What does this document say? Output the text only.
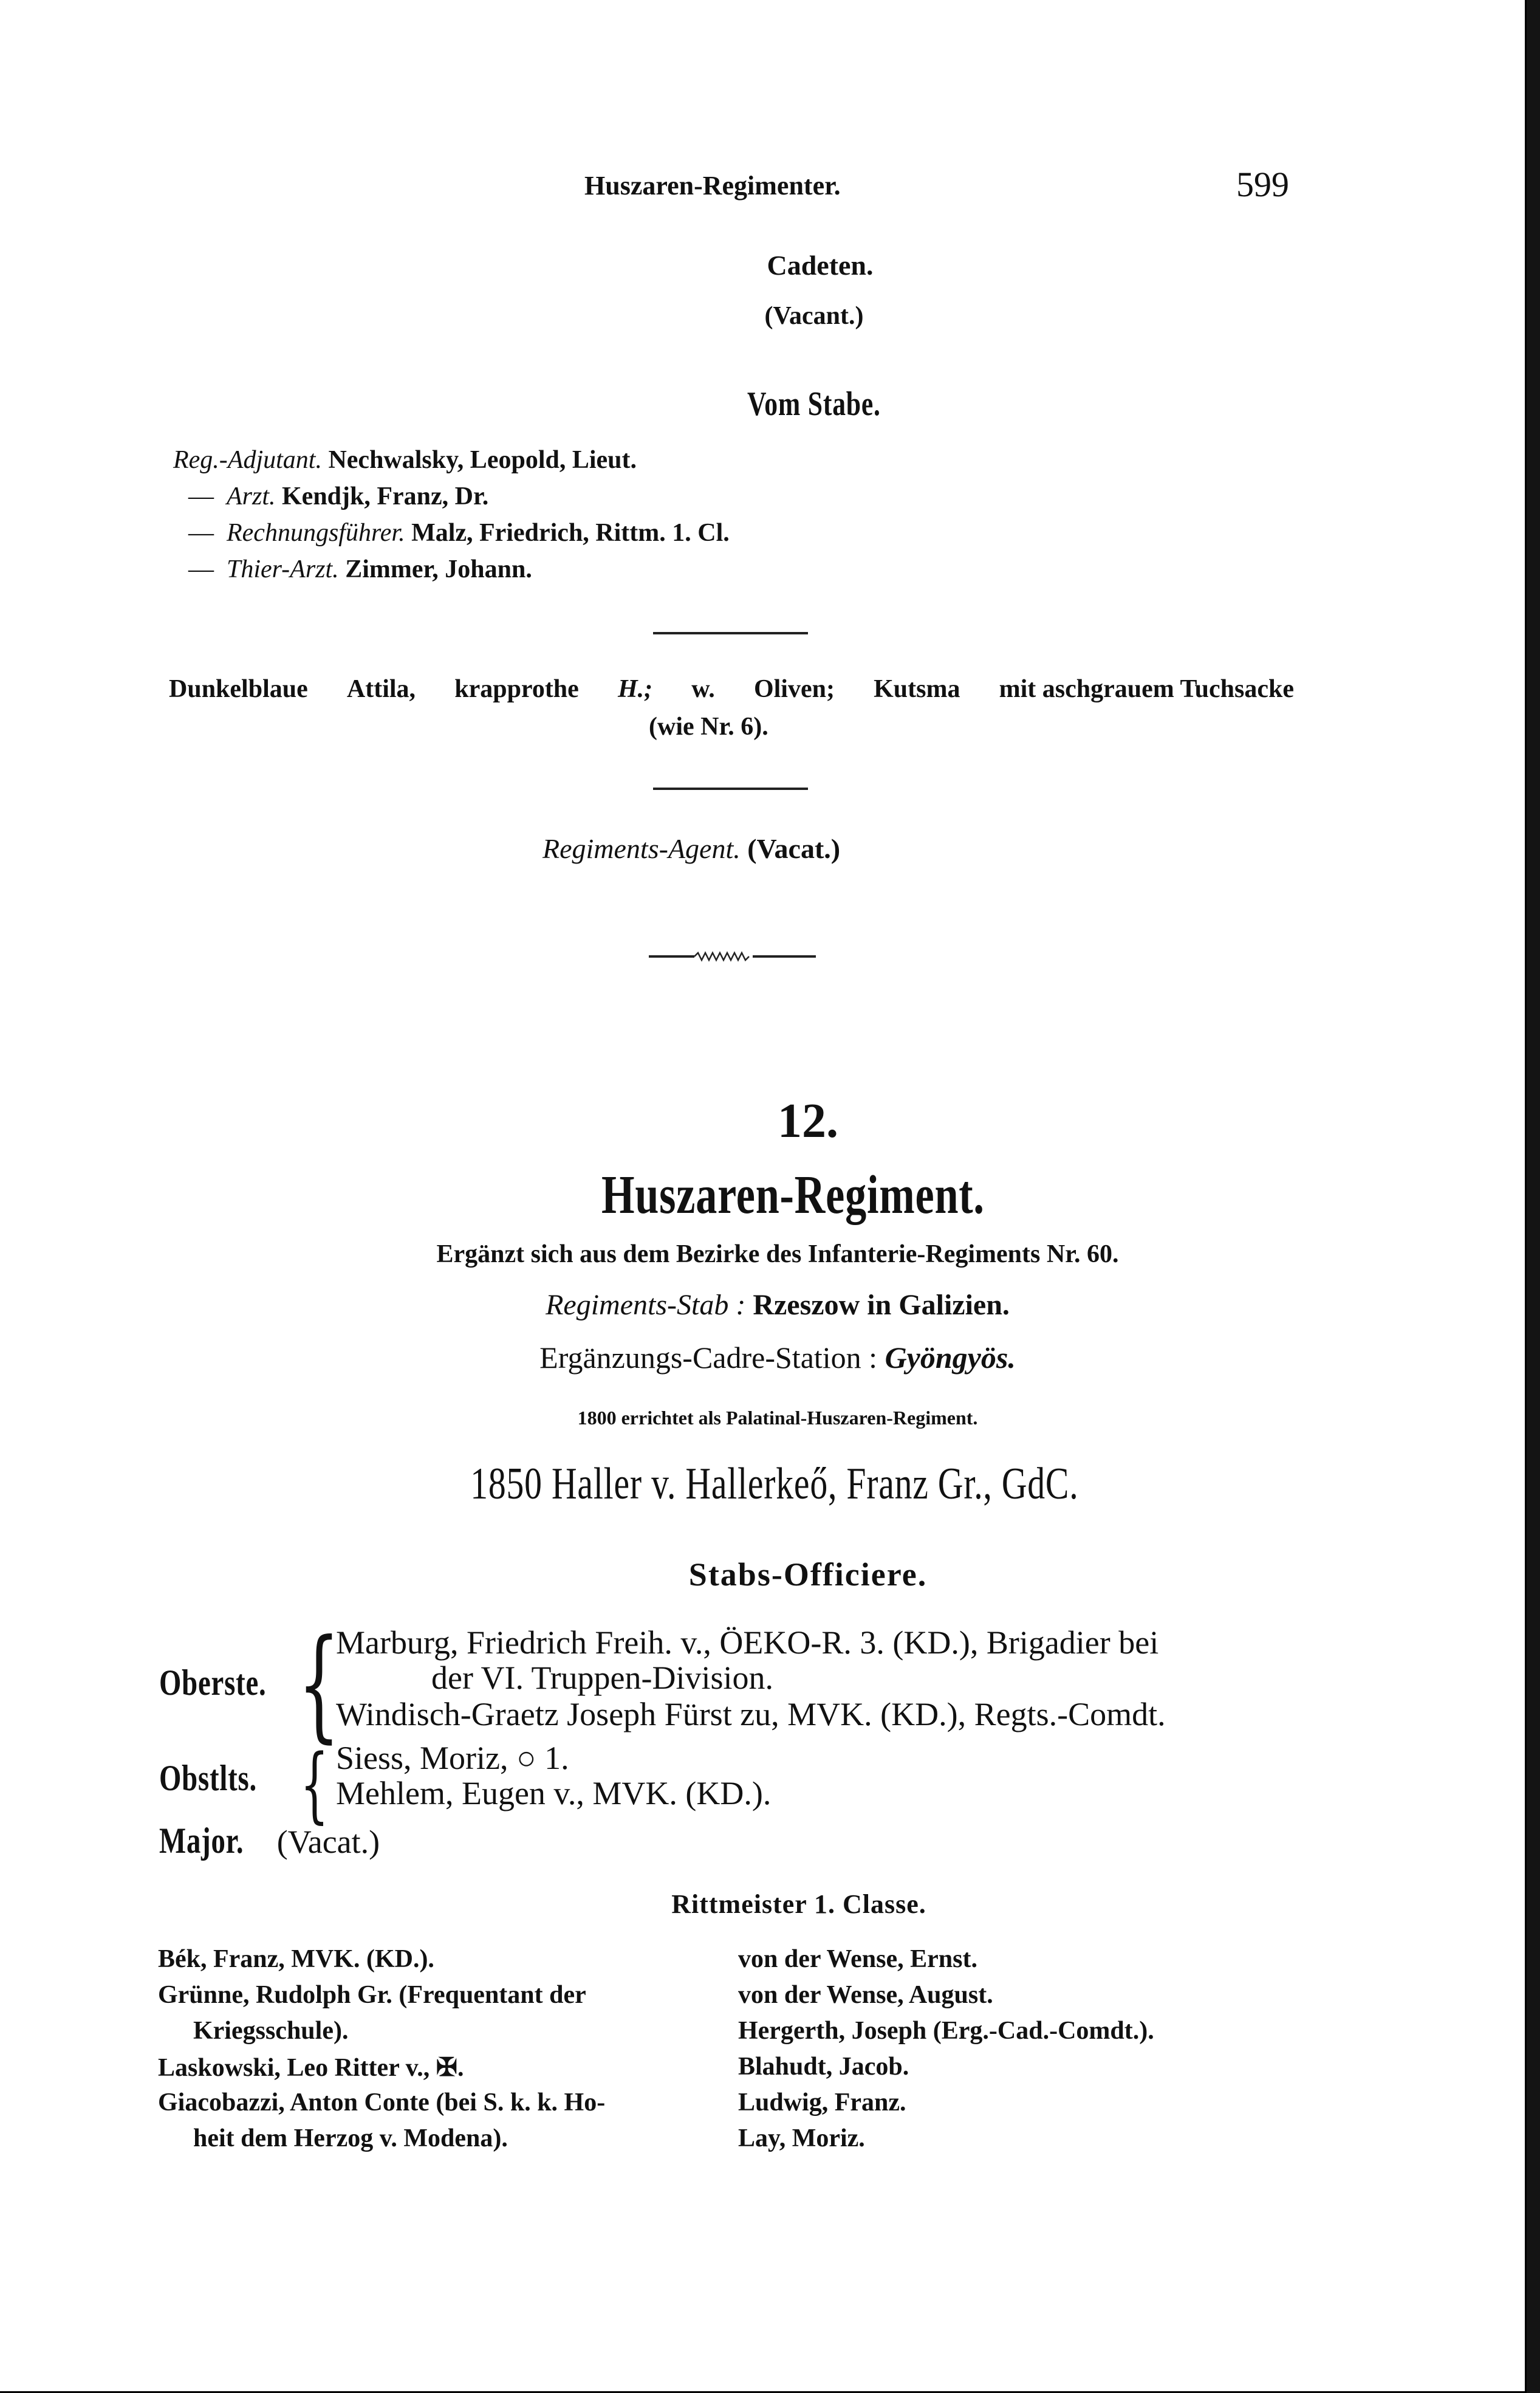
Huszaren-Regimenter.	599
Cadeten.
(Vacant.)
Vom Stabe.
Reg.-Adjutant. Nechwalsky, Leopold, Lieut.
— Arzt. Kendjk, Franz, Dr.
— Rechnungsführer. Malz, Friedrich, Rittm. 1. Cl.
— Thier-Arzt. Zimmer, Johann.
Dunkelblaue Attila, krapprothe H.; w. Oliven; Kutsma mit aschgrauem Tuchsacke
(wie Nr. 6).
Regiments-Agent. (Vacat.)
12.
Huszaren-Regiment.
Ergänzt sich aus dem Bezirke des Infanterie-Regiments Nr. 60.
Regiments-Stab : Rzeszow in Galizien.
Ergänzungs-Cadre-Station : Gyöngyös.
1800 errichtet als Palatinal-Huszaren-Regiment.
1850 Haller v. Hallerkeő, Franz Gr., GdC.
Stabs-Officiere.
Oberste. {
Marburg, Friedrich Freih. v., ÖEKO-R. 3. (KD.), Brigadier bei
der VI. Truppen-Division.
Windisch-Graetz Joseph Fürst zu, MVK. (KD.), Regts.-Comdt.
Obstlts. { Siess, Moriz, ○ 1.
Mehlem, Eugen v., MVK. (KD.).
Major. (Vacat.)
Rittmeister 1. Classe.
Bék, Franz, MVK. (KD.).
Grünne, Rudolph Gr. (Frequentant der
Kriegsschule).
Laskowski, Leo Ritter v., ✠.
Giacobazzi, Anton Conte (bei S. k. k. Ho-
heit dem Herzog v. Modena).
von der Wense, Ernst.
von der Wense, August.
Hergerth, Joseph (Erg.-Cad.-Comdt.).
Blahudt, Jacob.
Ludwig, Franz.
Lay, Moriz.
